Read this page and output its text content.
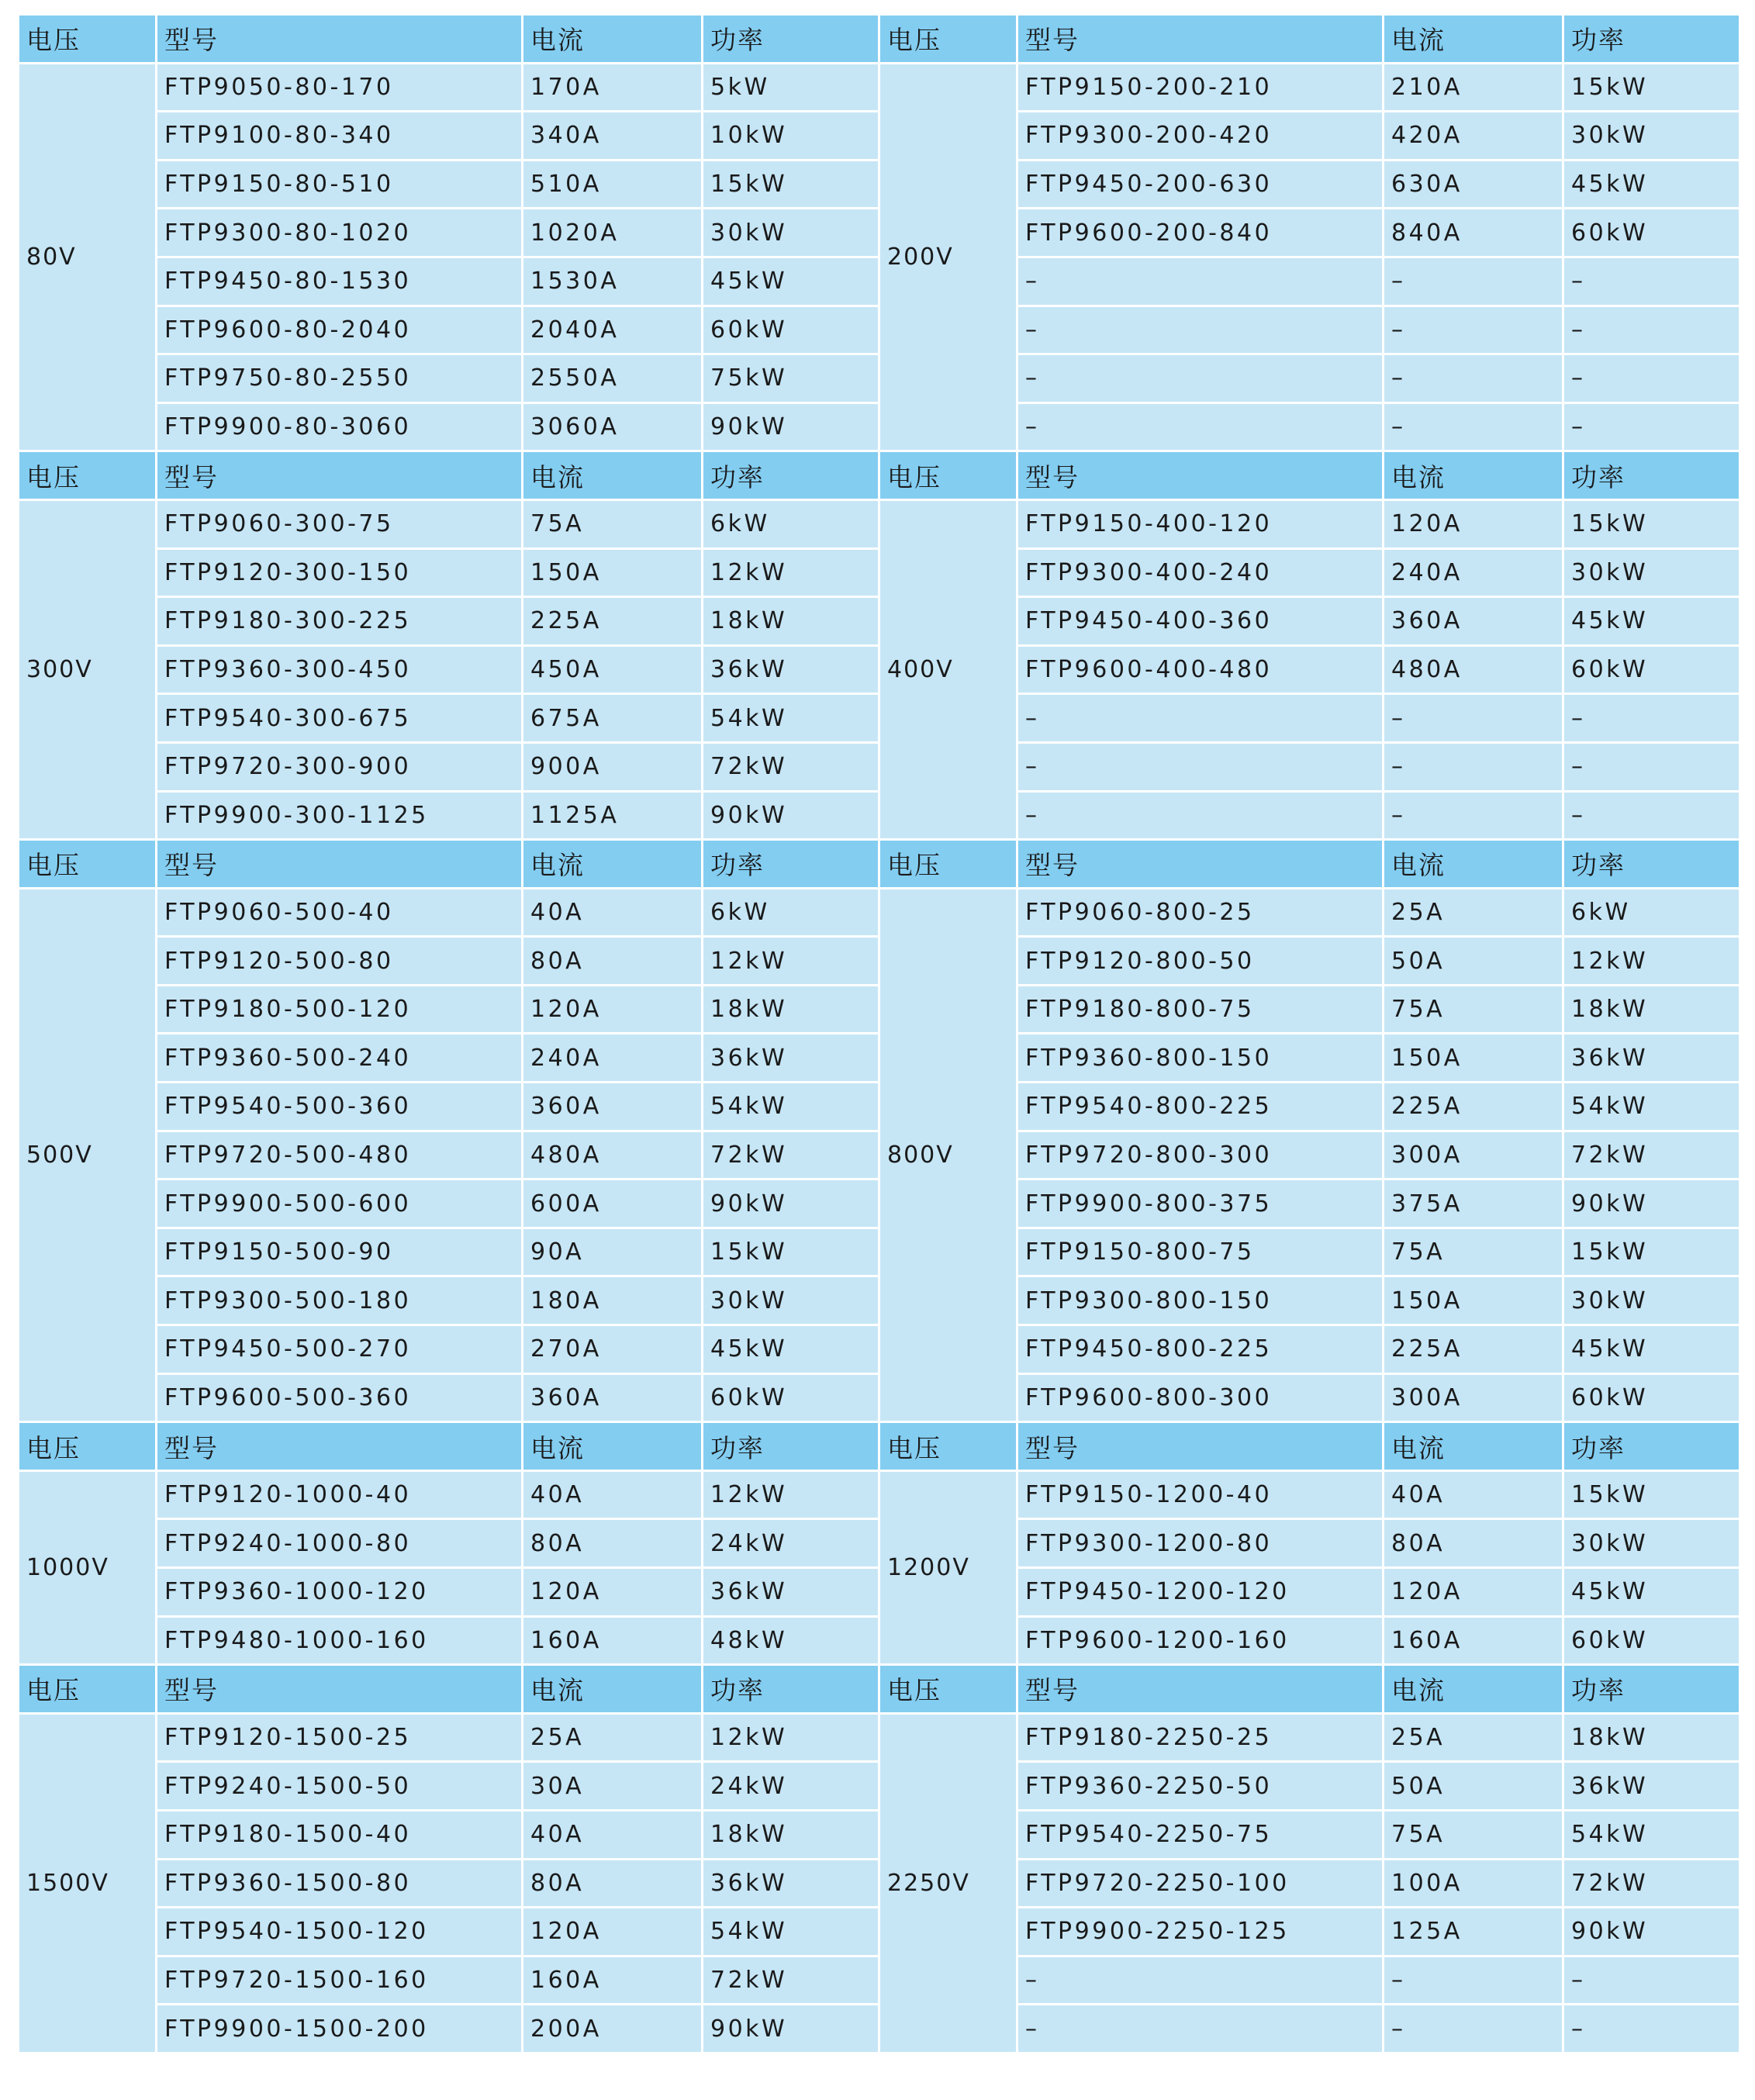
电压	型号	电流	功率	电压	型号	电流	功率
80V	FTP9050-80-170	170A	5kW	200V	FTP9150-200-210	210A	15kW
	FTP9100-80-340	340A	10kW		FTP9300-200-420	420A	30kW
	FTP9150-80-510	510A	15kW		FTP9450-200-630	630A	45kW
	FTP9300-80-1020	1020A	30kW		FTP9600-200-840	840A	60kW
	FTP9450-80-1530	1530A	45kW		–	–	–
	FTP9600-80-2040	2040A	60kW		–	–	–
	FTP9750-80-2550	2550A	75kW		–	–	–
	FTP9900-80-3060	3060A	90kW		–	–	–
电压	型号	电流	功率	电压	型号	电流	功率
300V	FTP9060-300-75	75A	6kW	400V	FTP9150-400-120	120A	15kW
	FTP9120-300-150	150A	12kW		FTP9300-400-240	240A	30kW
	FTP9180-300-225	225A	18kW		FTP9450-400-360	360A	45kW
	FTP9360-300-450	450A	36kW		FTP9600-400-480	480A	60kW
	FTP9540-300-675	675A	54kW		–	–	–
	FTP9720-300-900	900A	72kW		–	–	–
	FTP9900-300-1125	1125A	90kW		–	–	–
电压	型号	电流	功率	电压	型号	电流	功率
500V	FTP9060-500-40	40A	6kW	800V	FTP9060-800-25	25A	6kW
	FTP9120-500-80	80A	12kW		FTP9120-800-50	50A	12kW
	FTP9180-500-120	120A	18kW		FTP9180-800-75	75A	18kW
	FTP9360-500-240	240A	36kW		FTP9360-800-150	150A	36kW
	FTP9540-500-360	360A	54kW		FTP9540-800-225	225A	54kW
	FTP9720-500-480	480A	72kW		FTP9720-800-300	300A	72kW
	FTP9900-500-600	600A	90kW		FTP9900-800-375	375A	90kW
	FTP9150-500-90	90A	15kW		FTP9150-800-75	75A	15kW
	FTP9300-500-180	180A	30kW		FTP9300-800-150	150A	30kW
	FTP9450-500-270	270A	45kW		FTP9450-800-225	225A	45kW
	FTP9600-500-360	360A	60kW		FTP9600-800-300	300A	60kW
电压	型号	电流	功率	电压	型号	电流	功率
1000V	FTP9120-1000-40	40A	12kW	1200V	FTP9150-1200-40	40A	15kW
	FTP9240-1000-80	80A	24kW		FTP9300-1200-80	80A	30kW
	FTP9360-1000-120	120A	36kW		FTP9450-1200-120	120A	45kW
	FTP9480-1000-160	160A	48kW		FTP9600-1200-160	160A	60kW
电压	型号	电流	功率	电压	型号	电流	功率
1500V	FTP9120-1500-25	25A	12kW	2250V	FTP9180-2250-25	25A	18kW
	FTP9240-1500-50	30A	24kW		FTP9360-2250-50	50A	36kW
	FTP9180-1500-40	40A	18kW		FTP9540-2250-75	75A	54kW
	FTP9360-1500-80	80A	36kW		FTP9720-2250-100	100A	72kW
	FTP9540-1500-120	120A	54kW		FTP9900-2250-125	125A	90kW
	FTP9720-1500-160	160A	72kW		–	–	–
	FTP9900-1500-200	200A	90kW		–	–	–
